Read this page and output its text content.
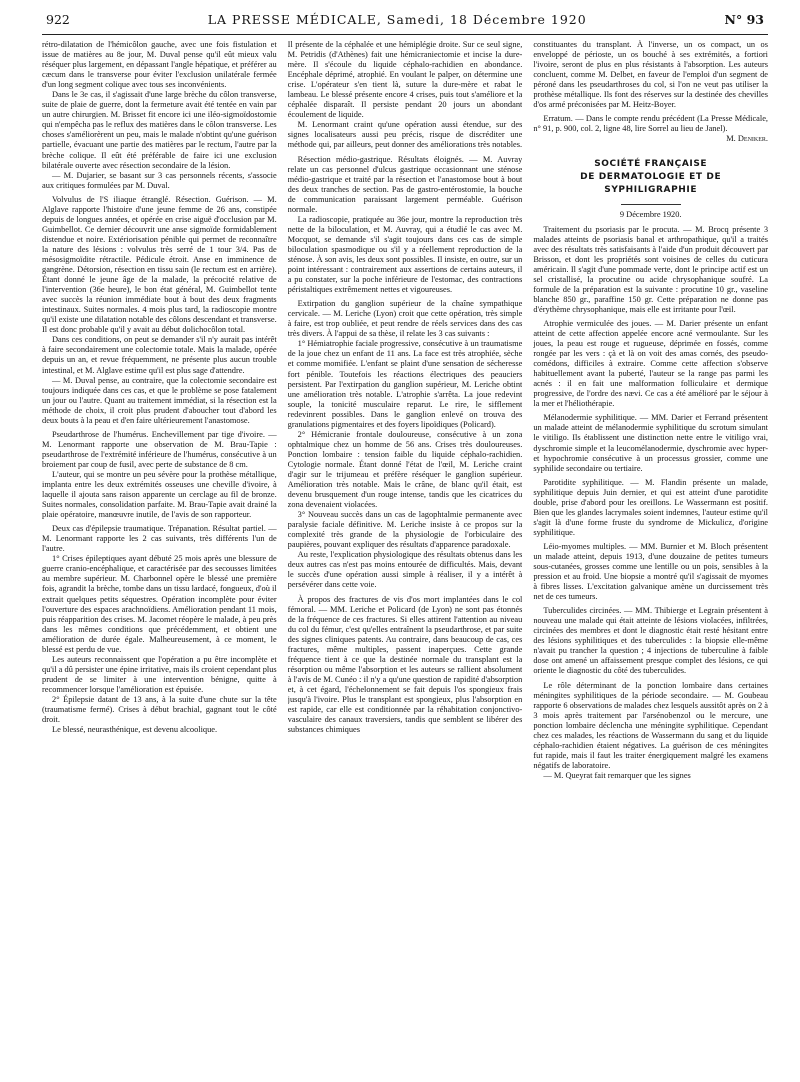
922	LA PRESSE MÉDICALE, Samedi, 18 Décembre 1920	N° 93

rétro-dilatation de l'hémicôlon gauche, avec une fois fistulation et issue de matières au 8e jour, M. Duval pense qu'il eût mieux valu réséquer plus largement, en dépassant l'angle hépatique, et préférer au cæcum dans le transverse pour éviter l'exclusion unilatérale fermée d'un long segment colique avec tous ses inconvénients.

Dans le 3e cas, il s'agissait d'une large brèche du côlon transverse, suite de plaie de guerre, dont la fermeture avait été tentée en vain par un autre chirurgien. M. Brisset fit encore ici une iléo-sigmoïdostomie qui n'empêcha pas le reflux des matières dans le côlon transverse. Les choses s'améliorèrent un peu, mais le malade n'obtint qu'une guérison partielle, évacuant une partie des matières par le rectum, l'autre par la brèche colique. Il eût été préférable de faire ici une exclusion bilatérale ouverte avec résection secondaire de la lésion.

— M. Dujarier, se basant sur 3 cas personnels récents, s'associe aux critiques formulées par M. Duval.

Volvulus de l'S iliaque étranglé. Résection. Guérison. — M. Alglave rapporte l'histoire d'une jeune femme de 26 ans, constipée depuis de longues années, et opérée en crise aiguë d'occlusion par M. Guimbellot. Ce dernier découvrit une anse sigmoïde formidablement distendue et noire. Extériorisation pénible qui permet de reconnaître la nature des lésions : volvulus très serré de 1 tour 3/4. Pas de mésosigmoïdite rétractile. Pédicule étroit. Anse en imminence de gangrène. Détorsion, résection en tissu sain (le rectum est en arrière). Étant donné le jeune âge de la malade, la précocité relative de l'intervention (36e heure), le bon état général, M. Guimbellot tente avec succès la réunion immédiate bout à bout des deux fragments intestinaux. Suites normales. 4 mois plus tard, la radioscopie montre qu'il existe une dilatation notable des côlons descendant et transverse. Il est donc probable qu'il y avait au début dolichocôlon total.

Dans ces conditions, on peut se demander s'il n'y aurait pas intérêt à faire secondairement une colectomie totale. Mais la malade, opérée depuis un an, et revue fréquemment, ne présente plus aucun trouble intestinal, et M. Alglave estime qu'il est plus sage d'attendre.

— M. Duval pense, au contraire, que la colectomie secondaire est toujours indiquée dans ces cas, et que le problème se pose fatalement un jour ou l'autre. Quant au traitement immédiat, si la résection est la méthode de choix, il croit plus prudent d'aboucher tout d'abord les deux bouts à la peau et d'en faire ultérieurement l'anastomose.

Pseudarthrose de l'humérus. Enchevillement par tige d'ivoire. — M. Lenormant rapporte une observation de M. Brau-Tapie : pseudarthrose de l'extrémité inférieure de l'humérus, consécutive à un broiement par coup de fusil, avec perte de substance de 8 cm.

L'auteur, qui se montre un peu sévère pour la prothèse métallique, implanta entre les deux extrémités osseuses une cheville d'ivoire, à laquelle il ajouta sans raison apparente un cerclage au fil de bronze. Suites normales, consolidation parfaite. M. Brau-Tapie avait drainé la plaie opératoire, manœuvre inutile, de l'avis de son rapporteur.

Deux cas d'épilepsie traumatique. Trépanation. Résultat partiel. — M. Lenormant rapporte les 2 cas suivants, très différents l'un de l'autre.

1° Crises épileptiques ayant débuté 25 mois après une blessure de guerre cranio-encéphalique, et caractérisée par des secousses limitées au membre supérieur. M. Charbonnel opère le blessé une première fois, agrandit la brèche, tombe dans un tissu lardacé, fongueux, d'où il extrait quelques petits séquestres. Opération incomplète pour éviter l'ouverture des espaces arachnoïdiens. Amélioration pendant 11 mois, puis réapparition des crises. M. Jacomet réopère le malade, à peu près dans les mêmes conditions que précédemment, et obtient une amélioration de durée égale. Malheureusement, à ce moment, le blessé est perdu de vue.

Les auteurs reconnaissent que l'opération a pu être incomplète et qu'il a dû persister une épine irritative, mais ils croient cependant plus prudent de se limiter à une intervention bénigne, quitte à recommencer lorsque l'amélioration est épuisée.

2° Épilepsie datant de 13 ans, à la suite d'une chute sur la tête (traumatisme fermé). Crises à début brachial, gagnant tout le côté droit.

Le blessé, neurasthénique, est devenu alcoolique.

Il présente de la céphalée et une hémiplégie droite. Sur ce seul signe, M. Petridis (d'Athènes) fait une hémicraniectomie et incise la dure-mère. Il s'écoule du liquide céphalo-rachidien en abondance. Encéphale déprimé, atrophié. En voulant le palper, on détermine une crise. L'opérateur s'en tient là, suture la dure-mère et rabat le lambeau. Le blessé présente encore 4 crises, puis tout s'améliore et la céphalée disparaît. Il persiste pendant 20 jours un abondant écoulement de liquide.

M. Lenormant craint qu'une opération aussi étendue, sur des signes localisateurs aussi peu précis, risque de discréditer une méthode qui, par ailleurs, peut donner des améliorations très notables.

Résection médio-gastrique. Résultats éloignés. — M. Auvray relate un cas personnel d'ulcus gastrique occasionnant une sténose médio-gastrique et traité par la résection et l'anastomose bout à bout des deux tranches de section. Pas de gastro-entérostomie, la bouche de communication paraissant largement perméable. Guérison normale.

La radioscopie, pratiquée au 36e jour, montre la reproduction très nette de la biloculation, et M. Auvray, qui a étudié le cas avec M. Mocquot, se demande s'il s'agit toujours dans ces cas de simple biloculation spasmodique ou s'il y a réellement reproduction de la sténose. À son avis, les deux sont possibles. Il insiste, en outre, sur un point intéressant : contrairement aux assertions de certains auteurs, il a pu constater, sur la poche inférieure de l'estomac, des contractions péristaltiques extrêmement nettes et vigoureuses.

Extirpation du ganglion supérieur de la chaîne sympathique cervicale. — M. Leriche (Lyon) croit que cette opération, très simple à faire, est trop oubliée, et peut rendre de réels services dans des cas très divers. À l'appui de sa thèse, il relate les 3 cas suivants :

1° Hémiatrophie faciale progressive, consécutive à un traumatisme de la joue chez un enfant de 11 ans. La face est très atrophiée, sèche et comme momifiée. L'enfant se plaint d'une sensation de sécheresse fort pénible. Toutefois les réactions électriques des peauciers persistent. Par l'extirpation du ganglion supérieur, M. Leriche obtint une amélioration très notable. L'atrophie s'arrêta. La joue redevint souple, la tonicité musculaire reparut. Le rire, le sifflement redevinrent possibles. Dans le ganglion enlevé on trouva des granulations pigmentaires et des foyers lipoïdiques (Policard).

2° Hémicranie frontale douloureuse, consécutive à un zona ophtalmique chez un homme de 56 ans. Crises très douloureuses. Ponction lombaire : tension faible du liquide céphalo-rachidien. Cytologie normale. Étant donné l'état de l'œil, M. Leriche craint d'agir sur le trijumeau et préfère réséquer le ganglion supérieur. Amélioration très notable. Mais le crâne, de blanc qu'il était, est devenu brusquement d'un rouge intense, tandis que les cicatrices du zona devenaient violacées.

3° Nouveau succès dans un cas de lagophtalmie permanente avec paralysie faciale définitive. M. Leriche insiste à ce propos sur la complexité très grande de la physiologie de l'orbiculaire des paupières, pouvant expliquer des résultats d'apparence paradoxale.

Au reste, l'explication physiologique des résultats obtenus dans les deux autres cas n'est pas moins entourée de difficultés. Mais, devant le succès d'une opération aussi simple à réaliser, il y a intérêt à persévérer dans cette voie.

À propos des fractures de vis d'os mort implantées dans le col fémoral. — MM. Leriche et Policard (de Lyon) ne sont pas étonnés de la fréquence de ces fractures. Si elles attirent l'attention au niveau du col du fémur, c'est qu'elles entraînent la pseudarthrose, et par suite des signes cliniques patents. Au contraire, dans beaucoup de cas, ces fractures, même multiples, passent inaperçues. Cette grande fréquence tient à ce que la destinée normale du transplant est la résorption ou même l'absorption et les auteurs se rallient absolument à l'avis de M. Cunéo : il n'y a qu'une question de rapidité d'absorption et, à cet égard, l'échelonnement se fait depuis l'os spongieux frais jusqu'à l'ivoire. Plus le transplant est spongieux, plus l'absorption en est rapide, car elle est conditionnée par la réhabitation conjonctivo-vasculaire des canaux traversiers, tandis que semblent se libérer des substances chimiques

constituantes du transplant. À l'inverse, un os compact, un os enveloppé de périoste, un os bouché à ses extrémités, a fortiori l'ivoire, seront de plus en plus résistants à l'absorption. Les auteurs concluent, comme M. Delbet, en faveur de l'emploi d'un segment de péroné dans les pseudarthroses du col, si l'on ne veut pas utiliser la prothèse métallique. Ils font des réserves sur la destinée des chevilles d'os armé préconisées par M. Heitz-Boyer.

Erratum. — Dans le compte rendu précédent (La Presse Médicale, n° 91, p. 900, col. 2, ligne 48, lire Sorrel au lieu de Janel).

M. Deniker.

SOCIÉTÉ FRANÇAISE
DE DERMATOLOGIE ET DE SYPHILIGRAPHIE
9 Décembre 1920.

Traitement du psoriasis par le procuta. — M. Brocq présente 3 malades atteints de psoriasis banal et arthropathique, qu'il a traités avec des résultats très satisfaisants à l'aide d'un produit découvert par Brisson, et dont les propriétés sont voisines de celles du cuticura américain. Il s'agit d'une pommade verte, dont le principe actif est un sel cristallisé, la procutine ou acide chrysophanique soufré. La formule de la préparation est la suivante : procutine 10 gr., vaseline blanche 850 gr., paraffine 150 gr. Cette préparation ne donne pas d'érythème chrysophanique, mais elle est irritante pour l'œil.

Atrophie vermiculée des joues. — M. Darier présente un enfant atteint de cette affection appelée encore acné vermoulante. Sur les joues, la peau est rouge et rugueuse, déprimée en fossés, comme rongée par les vers : çà et là on voit des amas cornés, des pseudo-comédons, difficiles à extraire. Comme cette affection s'observe habituellement avant la puberté, l'auteur se la range pas parmi les acnés : il en fait une malformation folliculaire et dermique progressive, de l'ordre des nævi. Ce cas a été amélioré par le séjour à la mer et l'héliothérapie.

Mélanodermie syphilitique. — MM. Darier et Ferrand présentent un malade atteint de mélanodermie syphilitique du scrotum simulant le vitiligo. Ils établissent une distinction nette entre le vitiligo vrai, dyschromie simple et la leucomélanodermie, dyschromie avec hyper- et hypochromie consécutive à un processus grossier, comme une syphilide secondaire ou tertiaire.

Parotidite syphilitique. — M. Flandin présente un malade, syphilitique depuis Juin dernier, et qui est atteint d'une parotidite double, prise d'abord pour les oreillons. Le Wassermann est positif. Bien que les glandes lacrymales soient indemnes, l'auteur estime qu'il s'agit là d'une forme fruste du syndrome de Mickulicz, d'origine syphilitique.

Léio-myomes multiples. — MM. Burnier et M. Bloch présentent un malade atteint, depuis 1913, d'une douzaine de petites tumeurs sous-cutanées, grosses comme une lentille ou un pois, sensibles à la pression et au froid. Une biopsie a montré qu'il s'agissait de myomes à fibres lisses. L'excitation galvanique amène un durcissement très net de ces tumeurs.

Tuberculides circinées. — MM. Thibierge et Legrain présentent à nouveau une malade qui était atteinte de lésions violacées, infiltrées, circinées des membres et dont le diagnostic était resté hésitant entre des lésions syphilitiques et des tuberculides : la biopsie elle-même n'avait pu trancher la question ; 4 injections de tuberculine à faible dose ont amené un affaissement presque complet des lésions, ce qui oriente le diagnostic du côté des tuberculides.

Le rôle déterminant de la ponction lombaire dans certaines méningites syphilitiques de la période secondaire. — M. Goubeau rapporte 6 observations de malades chez lesquels aussitôt après on 2 à 3 mois après traitement par l'arsénobenzol ou le mercure, une ponction lombaire déclencha une méningite syphilitique. Cependant chez ces malades, les réactions de Wassermann du sang et du liquide céphalo-rachidien étaient négatives. La guérison de ces méningites fut rapide, mais il faut les traiter énergiquement malgré les examens négatifs de laboratoire.

— M. Queyrat fait remarquer que les signes
